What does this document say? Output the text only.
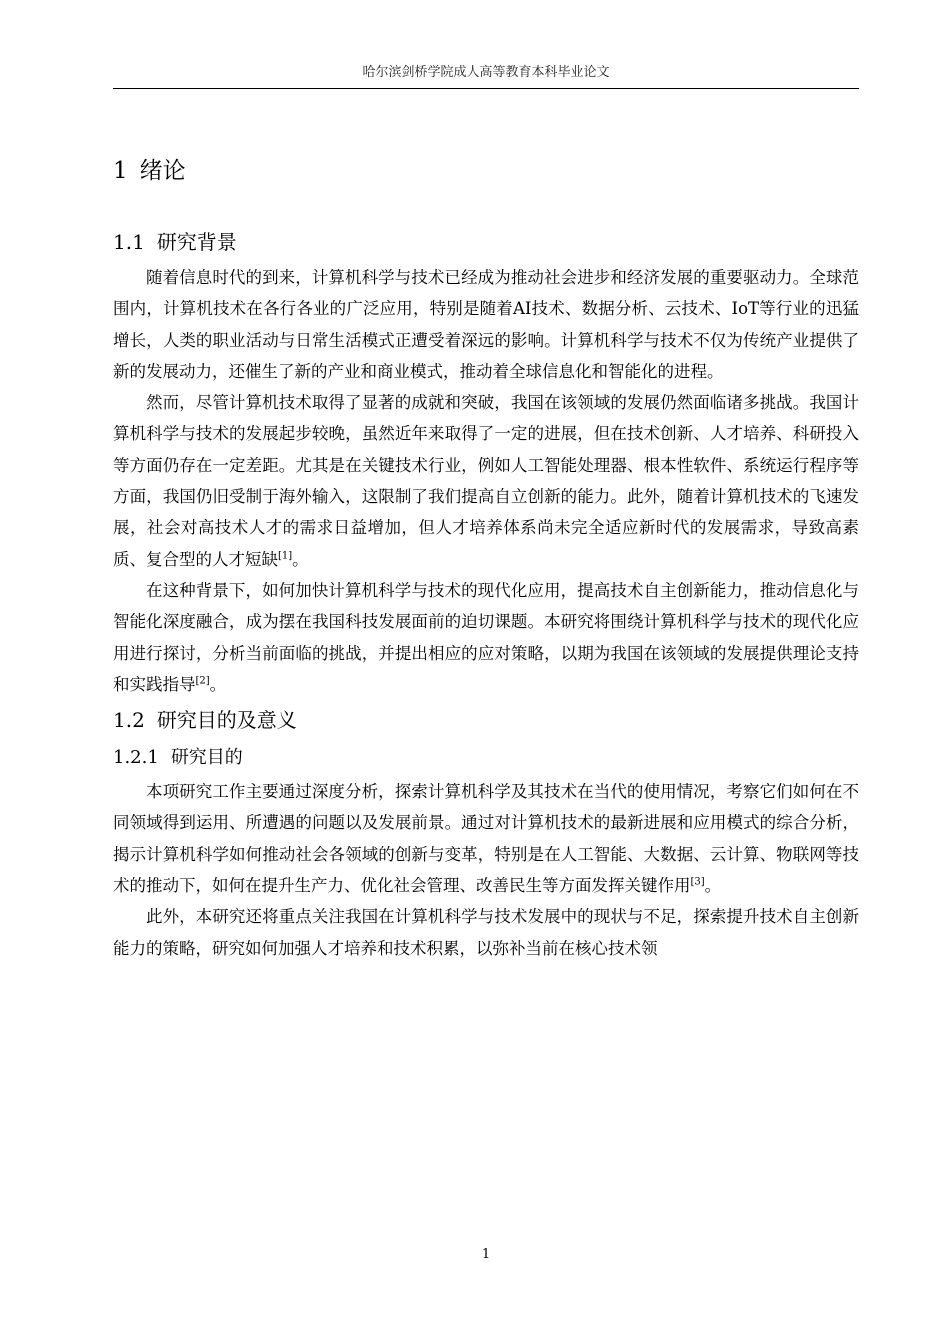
哈尔滨剑桥学院成人高等教育本科毕业论文
1 绪论
1.1 研究背景

随着信息时代的到来，计算机科学与技术已经成为推动社会进步和经济发展的重要驱动力。全球范围内，计算机技术在各行各业的广泛应用，特别是随着AI技术、数据分析、云技术、IoT等行业的迅猛增长，人类的职业活动与日常生活模式正遭受着深远的影响。计算机科学与技术不仅为传统产业提供了新的发展动力，还催生了新的产业和商业模式，推动着全球信息化和智能化的进程。

然而，尽管计算机技术取得了显著的成就和突破，我国在该领域的发展仍然面临诸多挑战。我国计算机科学与技术的发展起步较晚，虽然近年来取得了一定的进展，但在技术创新、人才培养、科研投入等方面仍存在一定差距。尤其是在关键技术行业，例如人工智能处理器、根本性软件、系统运行程序等方面，我国仍旧受制于海外输入，这限制了我们提高自立创新的能力。此外，随着计算机技术的飞速发展，社会对高技术人才的需求日益增加，但人才培养体系尚未完全适应新时代的发展需求，导致高素质、复合型的人才短缺[1]。

在这种背景下，如何加快计算机科学与技术的现代化应用，提高技术自主创新能力，推动信息化与智能化深度融合，成为摆在我国科技发展面前的迫切课题。本研究将围绕计算机科学与技术的现代化应用进行探讨，分析当前面临的挑战，并提出相应的应对策略，以期为我国在该领域的发展提供理论支持和实践指导[2]。

1.2 研究目的及意义
1.2.1 研究目的

本项研究工作主要通过深度分析，探索计算机科学及其技术在当代的使用情况，考察它们如何在不同领域得到运用、所遭遇的问题以及发展前景。通过对计算机技术的最新进展和应用模式的综合分析，揭示计算机科学如何推动社会各领域的创新与变革，特别是在人工智能、大数据、云计算、物联网等技术的推动下，如何在提升生产力、优化社会管理、改善民生等方面发挥关键作用[3]。

此外，本研究还将重点关注我国在计算机科学与技术发展中的现状与不足，探索提升技术自主创新能力的策略，研究如何加强人才培养和技术积累，以弥补当前在核心技术领

1
